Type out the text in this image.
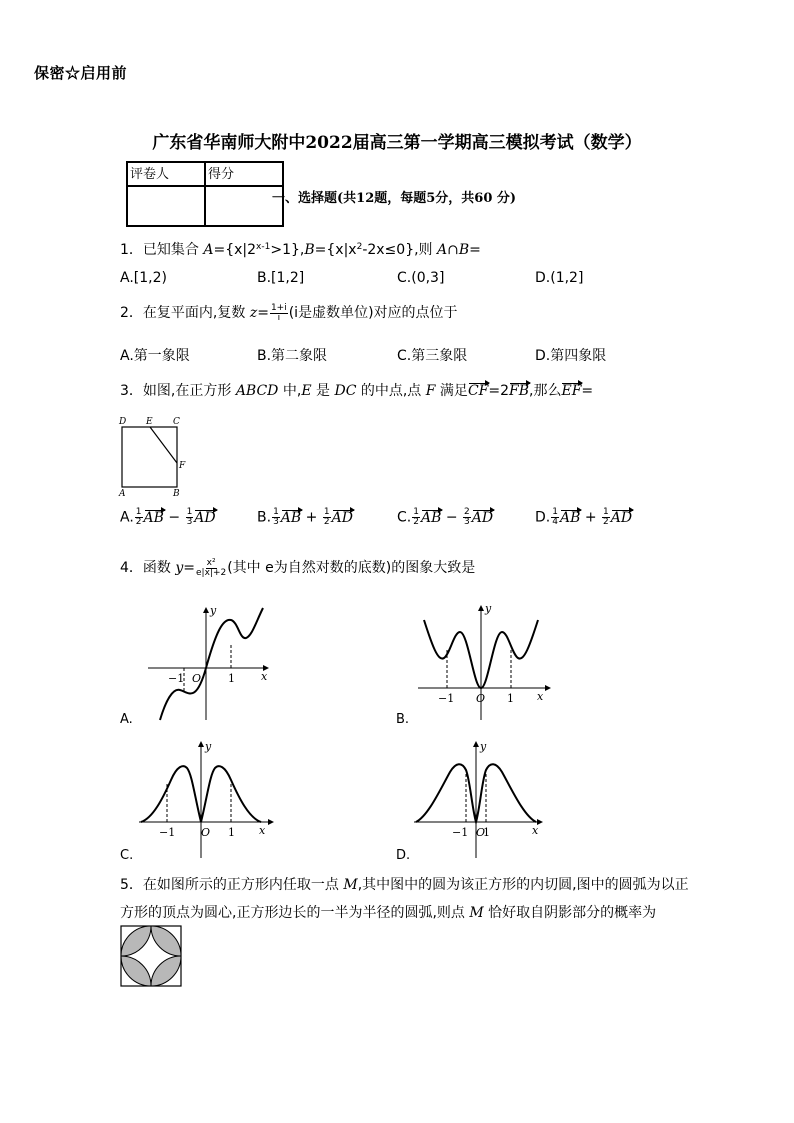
保密☆启用前
广东省华南师大附中2022届高三第一学期高三模拟考试（数学）
评卷人	得分

一、选择题(共12题，每题5分，共60 分)
1．已知集合 $A=\{x|2^{x-1}>1\},B=\{x|x^2-2x\le 0\}$,则 A∩B=
A.[1,2)	B.[1,2]	C.(0,3]	D.(1,2]
2．在复平面内,复数 $z= \frac{1+i}{i} (i$是虚数单位)对应的点位于
A.第一象限	B.第二象限	C.第三象限	D.第四象限
3．如图,在正方形 ABCD 中,E 是 DC 的中点,点 F 满足CF=2FB,那么EF=
D E C
F
A	B
A. $\frac{1}{2}$ AB − $\frac{1}{3}$ AD	B. $\frac{1}{3}$ AB + $\frac{1}{2}$ AD	C. $\frac{1}{2}$ AB − $\frac{2}{3}$ AD	D. $\frac{1}{4}$ AB + $\frac{1}{2}$ AD
4．函数 $y= \frac{\text{x²}}{e|x|+2}$ (其中 e为自然对数的底数)的图象大致是
y
x
O
−1	1
A.
y
x
O
−1	1
B.
y
x
O
−1	1
C.
y
x
O
−1 1
D.
5．在如图所示的正方形内任取一点 M,其中图中的圆为该正方形的内切圆,图中的圆弧为以正
方形的顶点为圆心,正方形边长的一半为半径的圆弧,则点 M 恰好取自阴影部分的概率为
